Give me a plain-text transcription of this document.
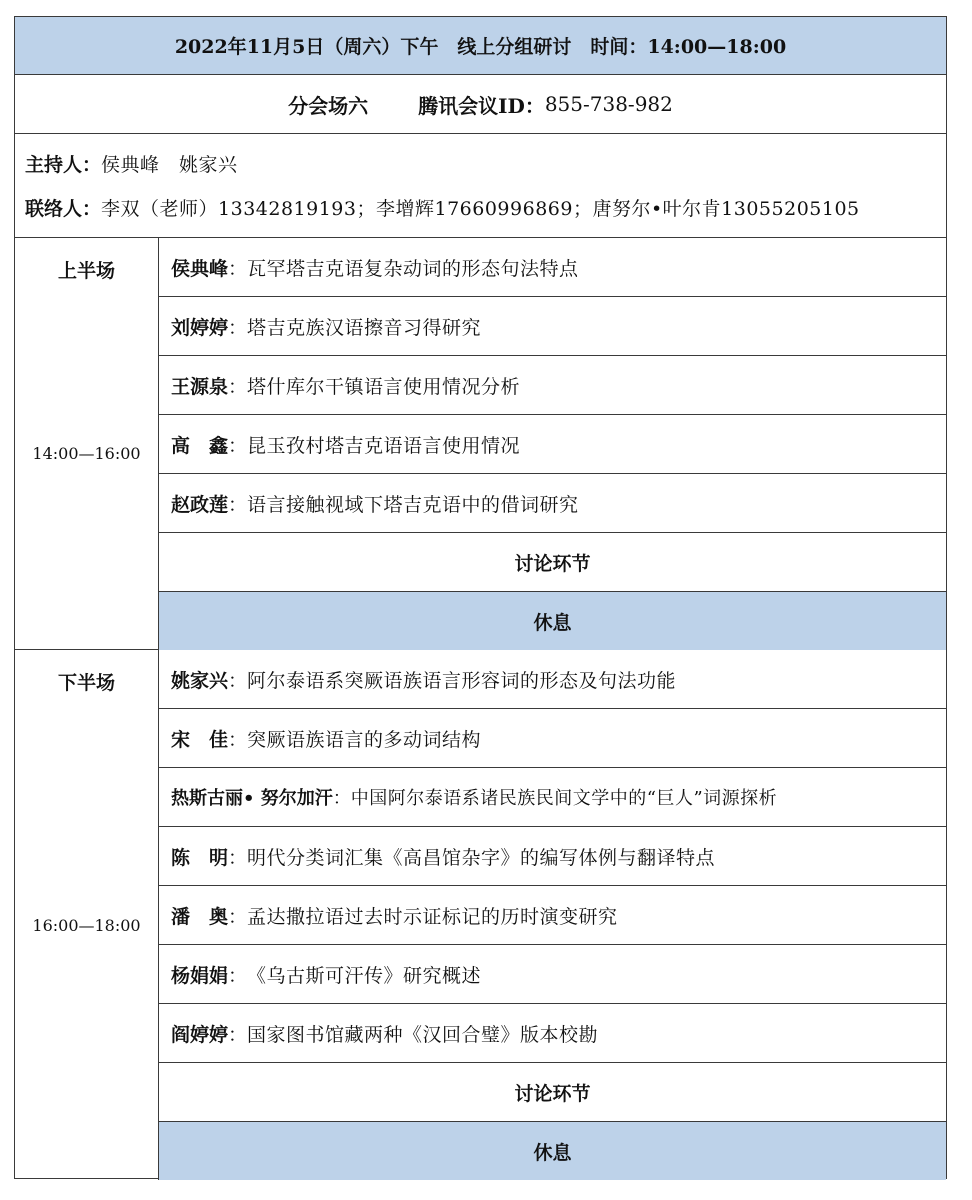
2022年11月5日（周六）下午　线上分组研讨　时间：14:00—18:00
分会场六	腾讯会议ID： 855-738-982
主持人：侯典峰　姚家兴
联络人：李双（老师）13342819193；李增辉17660996869；唐努尔•叶尔肯13055205105
上半场
14:00—16:00
侯典峰 ： 瓦罕塔吉克语复杂动词的形态句法特点
刘婷婷 ： 塔吉克族汉语擦音习得研究
王源泉 ： 塔什库尔干镇语言使用情况分析
高　鑫 ： 昆玉孜村塔吉克语语言使用情况
赵政莲 ： 语言接触视域下塔吉克语中的借词研究
讨论环节
休息
下半场
16:00—18:00
姚家兴 ： 阿尔泰语系突厥语族语言形容词的形态及句法功能
宋　佳 ： 突厥语族语言的多动词结构
热斯古丽• 努尔加汗 ： 中国阿尔泰语系诸民族民间文学中的“巨人”词源探析
陈　明 ： 明代分类词汇集《高昌馆杂字》的编写体例与翻译特点
潘　奥 ： 孟达撒拉语过去时示证标记的历时演变研究
杨娟娟 ： 《乌古斯可汗传》研究概述
阎婷婷 ： 国家图书馆藏两种《汉回合璧》版本校勘
讨论环节
休息
